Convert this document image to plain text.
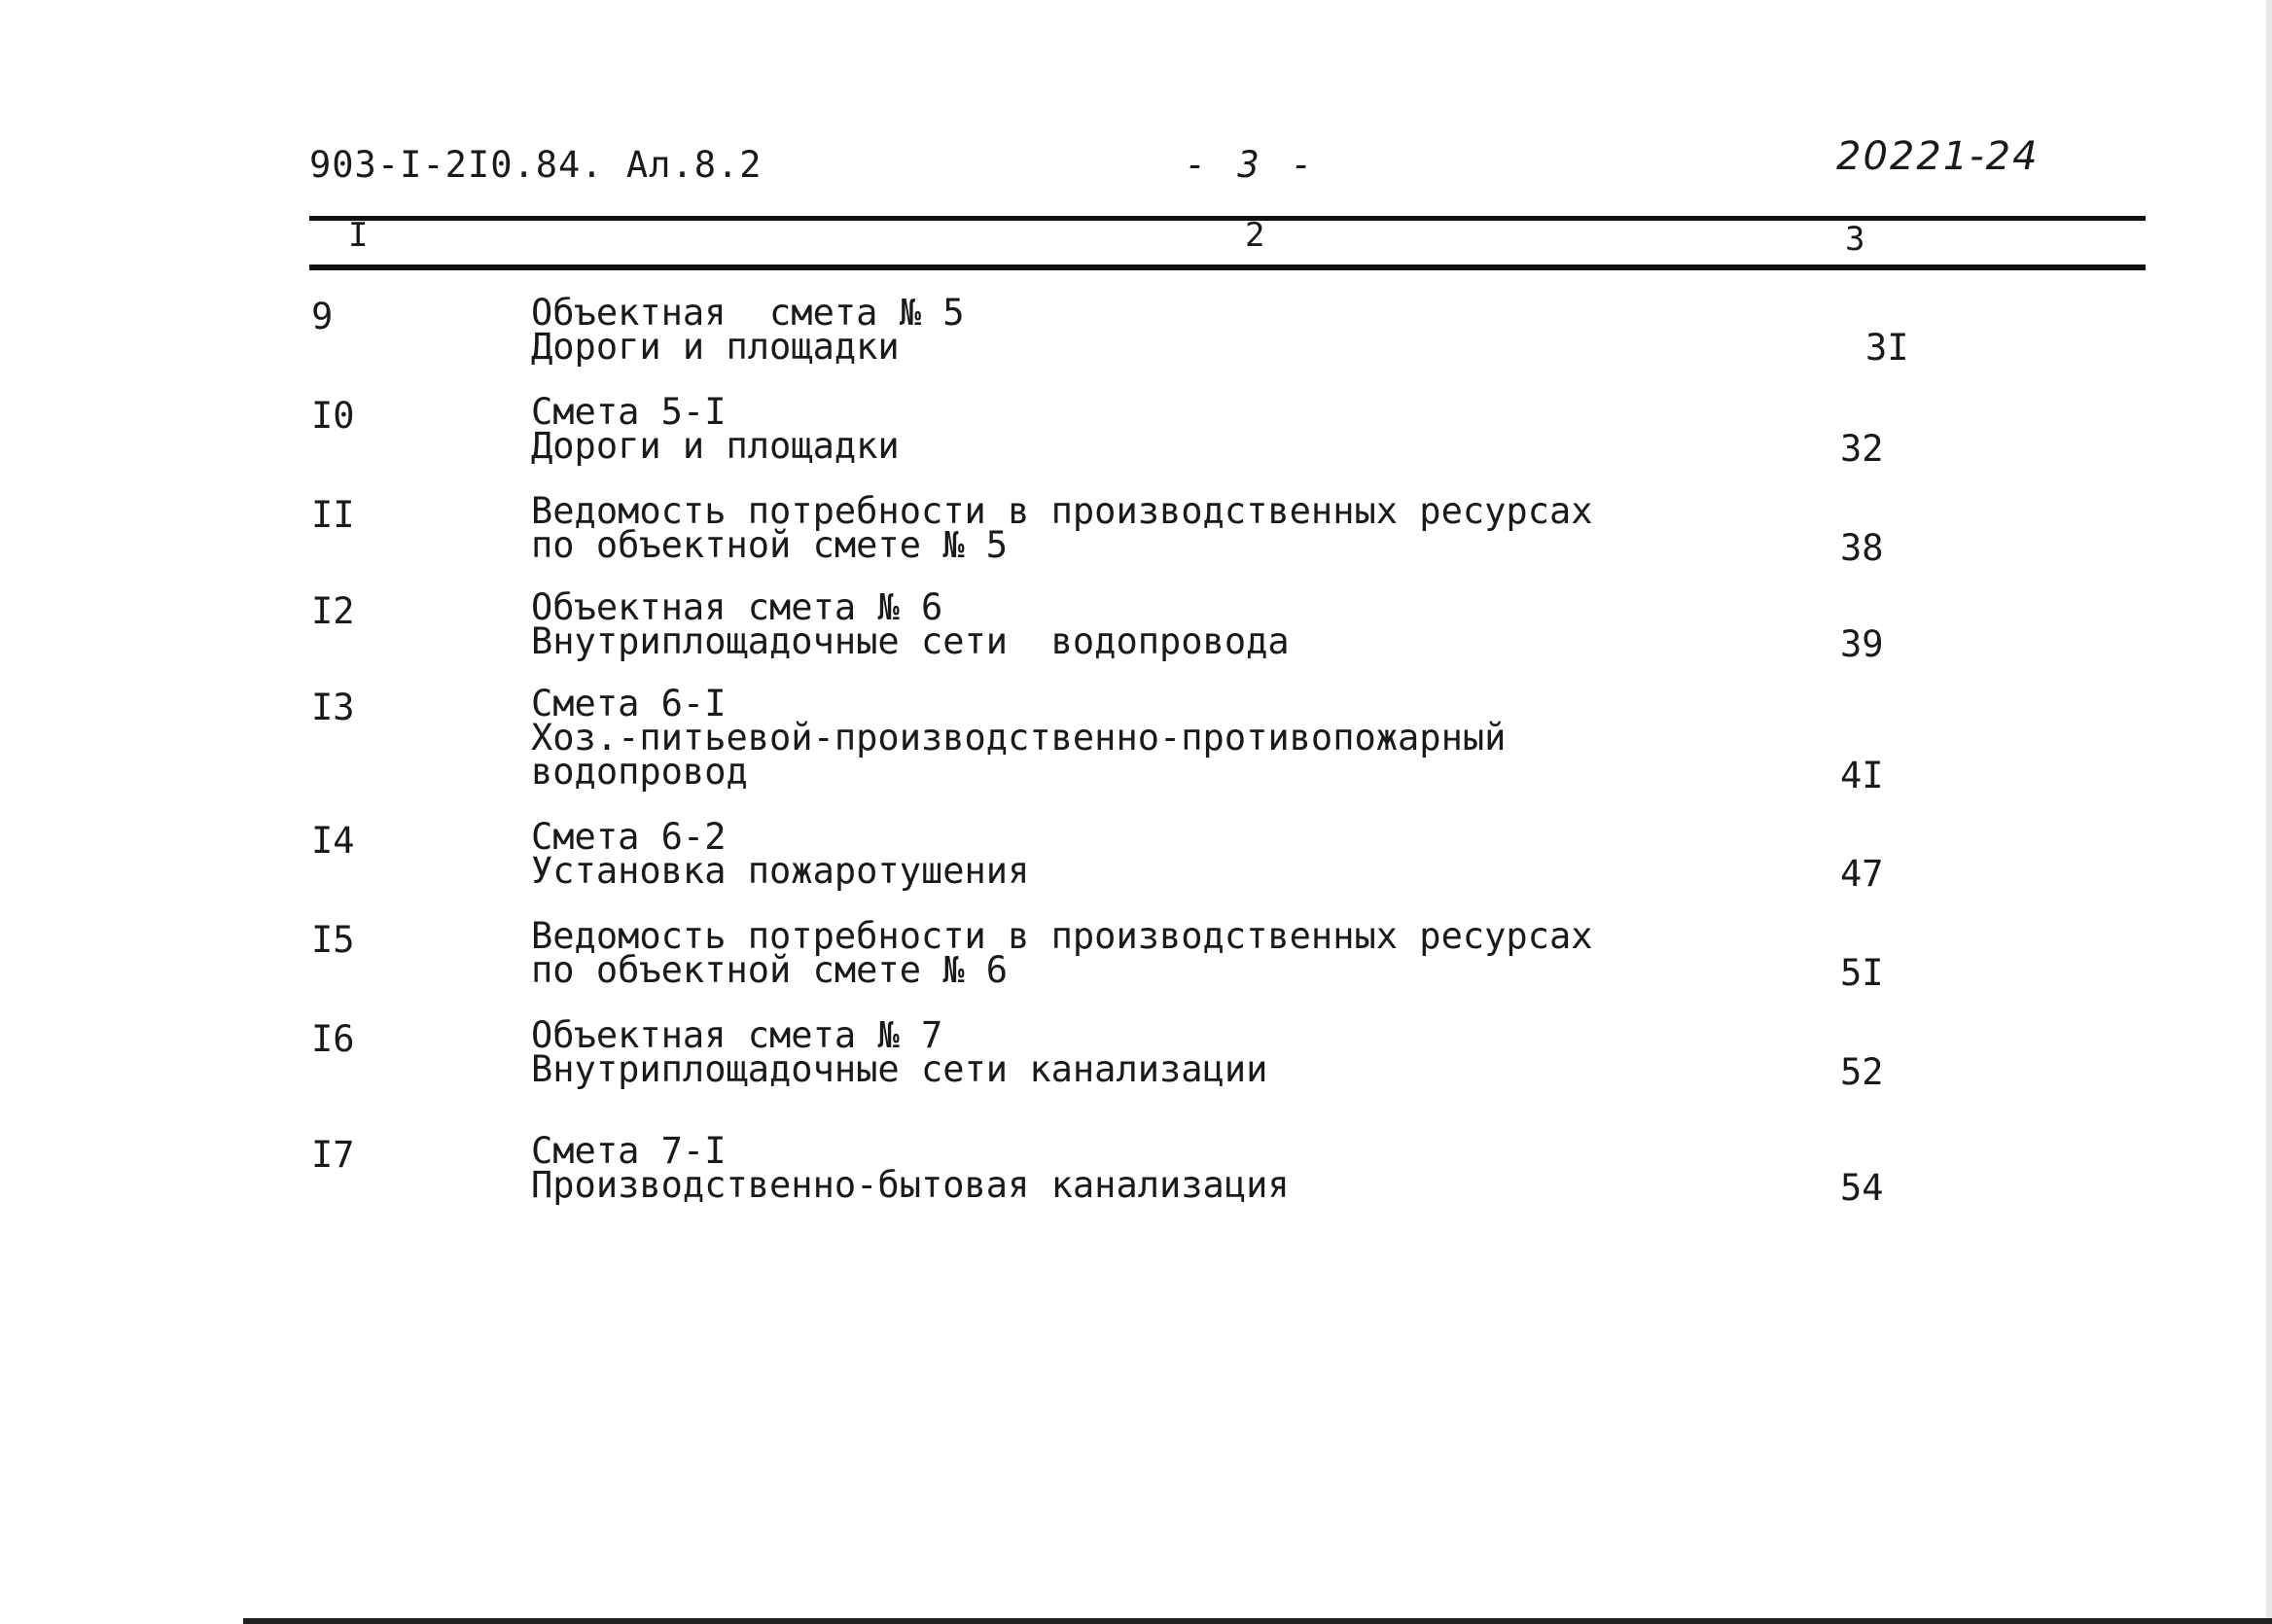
903-I-2I0.84. Ал.8.2	- 3 -	20221-24
I	2	3
9	Объектная  смета № 5
Дороги и площадки	3I
I0	Смета 5-I
Дороги и площадки	32
II	Ведомость потребности в производственных ресурсах
по объектной смете № 5	38
I2	Объектная смета № 6
Внутриплощадочные сети  водопровода	39
I3	Смета 6-I
Хоз.-питьевой-производственно-противопожарный
водопровод	4I
I4	Смета 6-2
Установка пожаротушения	47
I5	Ведомость потребности в производственных ресурсах
по объектной смете № 6	5I
I6	Объектная смета № 7
Внутриплощадочные сети канализации	52
I7	Смета 7-I
Производственно-бытовая канализация	54
